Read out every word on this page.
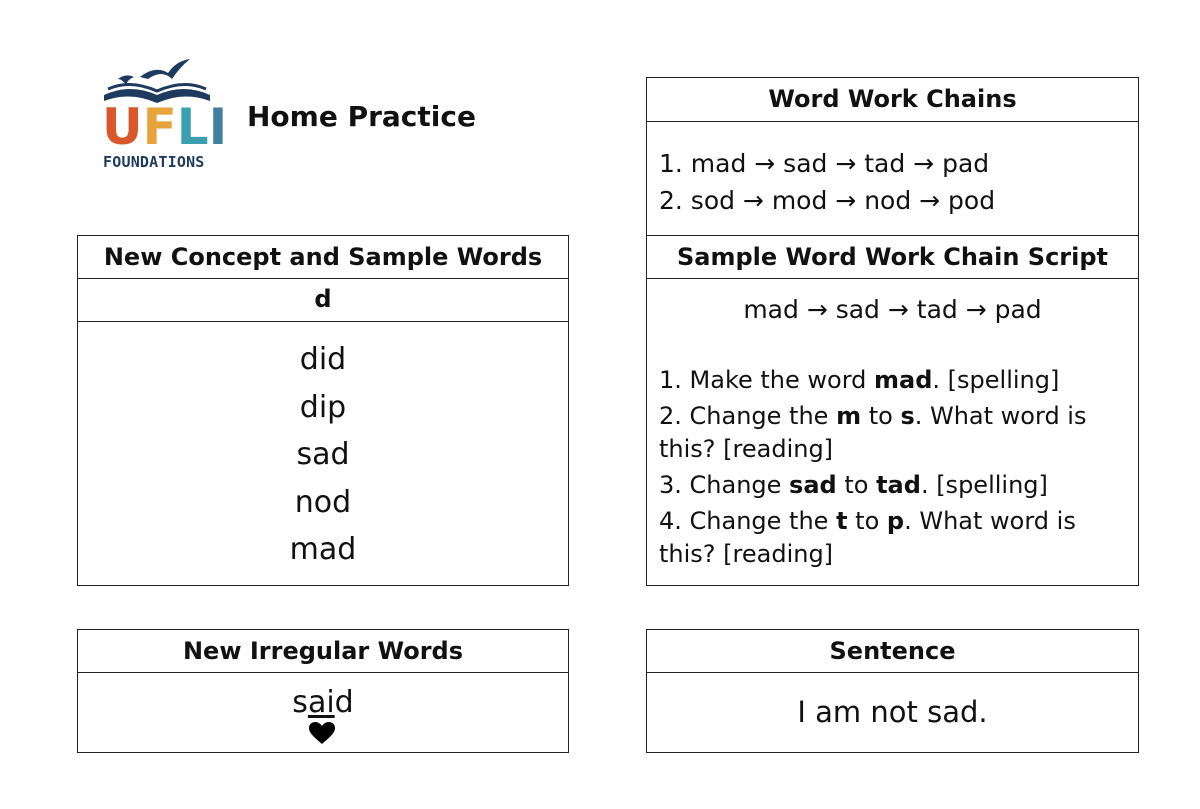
U F L I
FOUNDATIONS
Home Practice
New Concept and Sample Words
d
did
dip
sad
nod
mad
New Irregular Words
said
Word Work Chains
1. mad → sad → tad → pad
2. sod → mod → nod → pod
Sample Word Work Chain Script
mad → sad → tad → pad

1. Make the word mad. [spelling]

2. Change the m to s. What word is this? [reading]

3. Change sad to tad. [spelling]

4. Change the t to p. What word is this? [reading]

Sentence
I am not sad.
